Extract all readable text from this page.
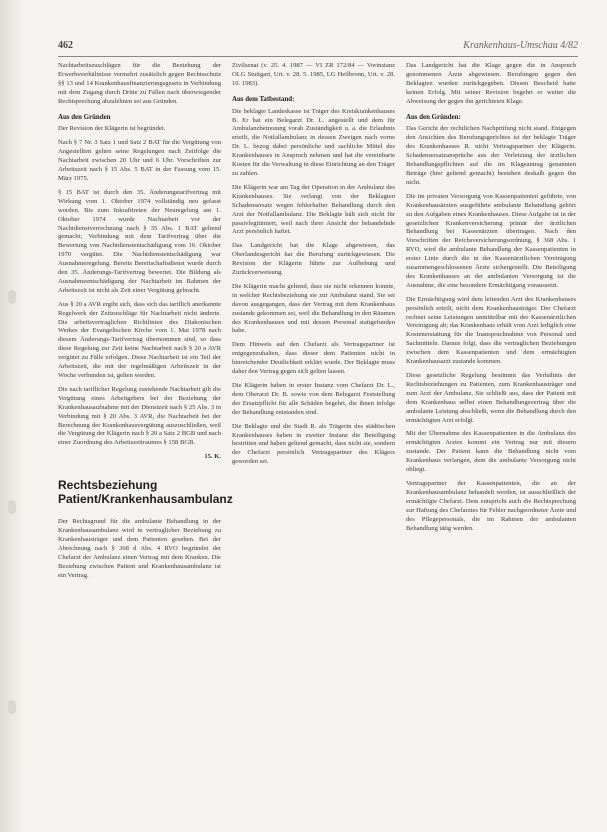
462	Krankenhaus-Umschau 4/82

Nachtarbeitszuschlägen für die Beziehung der Erwerbsverhältnisse vermehrt zusätzlich gegen Rechtsschutz §§ 13 und 14 Krankenhausfinanzierungsgesetz in Verbindung mit dem Zugang durch Dritte zu Fällen nach überwiegender Rechtsprechung abzulehnen sei aus Gründen.

Aus den Gründen

Der Revision der Klägerin ist begründet.

Nach § 7 Nr. 3 Satz 1 und Satz 2 BAT für die Vergütung von Angestellten gelten seine Regelungen nach Zeitfolge die Nachtarbeit zwischen 20 Uhr und 6 Uhr. Vorschriften zur Arbeitszeit nach § 15 Abs. 5 BAT in der Fassung vom 15. März 1975.

§ 15 BAT ist durch den 35. Änderungstarifvertrag mit Wirkung vom 1. Oktober 1974 vollständig neu gefasst worden. Bis zum Inkrafttreten der Neuregelung am 1. Oktober 1974 wurde Nachtarbeit vor der Nachtdienstverrechnung nach § 35 Abs. 1 BAT geltend gemacht; Verbindung mit dem Tarifvertrag über die Bewertung von Nachtdienstentschädigung vom 16. Oktober 1970 vergütet. Die Nachtdienstentschädigung war Ausnahmeregelung. Bereits Bereitschaftsdienst wurde durch den 35. Änderungs-Tarifvertrag bewertet. Die Bildung als Ausnahmeentschädigung der Nachtarbeit im Rahmen der Arbeitszeit ist nicht als Zeit einer Vergütung gebracht.

Aus § 20 a AVR ergibt sich, dass sich das tariflich anerkannte Regelwerk der Zeitzuschläge für Nachtarbeit nicht änderte. Die arbeitsvertraglichen Richtlinien des Diakonischen Werkes der Evangelischen Kirche vom 1. Mai 1978 nach diesem Änderungs-Tarifvertrag übernommen sind, so dass diese Regelung zur Zeit keine Nachtarbeit nach § 20 a AVR vergütet zu Fälle erfolgen. Diese Nachtarbeit ist ein Teil der Arbeitszeit, die mit der regelmäßigen Arbeitszeit in der Woche verbunden ist, gelten werden.

Die nach tariflicher Regelung zustehende Nachtarbeit gilt die Vergütung eines Arbeitgebers bei der Beziehung der Krankenhausaufnahme mit der Dienstzeit nach § 25 Abs. 3 in Verbindung mit § 20 Abs. 3 AVR, die Nachtarbeit bei der Berechnung der Krankenhausvergütung auszuschließen, weil die Vergütung der Klägerin nach § 20 a Satz 2 BGB und nach einer Zuordnung des Arbeitszeitraumes § 158 BGB.

15. K.

Rechtsbeziehung Patient/Krankenhausambulanz

Der Rechtsgrund für die ambulante Behandlung in der Krankenhausambulanz wird in vertraglicher Beziehung zu Krankenhausträger und dem Patienten gesehen. Bei der Abrechnung nach § 368 d Abs. 4 RVO begründet der Chefarzt der Ambulanz einen Vertrag mit dem Kranken. Die Beziehung zwischen Patient und Krankenhausambulanz ist ein Vertrag.

Zivilsenat (v. 25. 4. 1987 — VI ZR 172/84 — Vorinstanz OLG Stuttgart, Urt. v. 28. 5. 1985, LG Heilbronn, Urt. v. 28. 10. 1983).

Aus dem Tatbestand:

Die beklagte Landeskasse ist Träger des Kreiskrankenhauses B. Er hat ein Belegarzt Dr. L. angestellt und dem für Ambulanzbetreuung vorab Zuständigkeit u. a. die Erlaubnis erteilt, die Notfallambulanz in dessen Zweigen nach vorne Dr. L. bezog dabei persönliche und sachliche Mittel des Krankenhauses in Anspruch nehmen und hat die vereinbarte Kosten für die Verwaltung in diese Einrichtung an den Träger zu zahlen.

Die Klägerin war am Tag der Operation in der Ambulanz des Krankenhauses. Sie verlangt von der Beklagten Schadensersatz wegen fehlerhafter Behandlung durch den Arzt der Notfallambulanz. Die Beklagte hält sich nicht für passivlegitimiert, weil nach ihrer Ansicht der behandelnde Arzt persönlich haftet.

Das Landgericht hat die Klage abgewiesen, das Oberlandesgericht hat die Berufung zurückgewiesen. Die Revision der Klägerin führte zur Aufhebung und Zurückverweisung.

Die Klägerin macht geltend, dass sie nicht erkennen konnte, in welcher Rechtsbeziehung sie zur Ambulanz stand. Sie sei davon ausgegangen, dass der Vertrag mit dem Krankenhaus zustande gekommen sei, weil die Behandlung in den Räumen des Krankenhauses und mit dessen Personal stattgefunden habe.

Dem Hinweis auf den Chefarzt als Vertragspartner ist entgegenzuhalten, dass dieser dem Patienten nicht in hinreichender Deutlichkeit erklärt wurde. Der Beklagte muss daher den Vertrag gegen sich gelten lassen.

Die Klägerin haben in erster Instanz vom Chefarzt Dr. L., dem Oberarzt Dr. B. sowie von dem Belegarzt Feststellung der Ersatzpflicht für alle Schäden begehrt, die ihnen infolge der Behandlung entstanden sind.

Die Beklagte und die Stadt R. als Trägerin des städtischen Krankenhauses haben in zweiter Instanz die Beteiligung bestritten und haben geltend gemacht, dass nicht sie, sondern der Chefarzt persönlich Vertragspartner des Klägers geworden sei.

Das Landgericht hat die Klage gegen die in Anspruch genommenen Ärzte abgewiesen. Berufungen gegen den Beklagten wurden zurückgegeben. Diesen Bescheid hatte keinen Erfolg. Mit seiner Revision begehrt er weiter die Abweisung der gegen ihn gerichteten Klage.

Aus den Gründen:

Das Gericht der rechtlichen Nachprüfung nicht stand. Entgegen den Ansichten des Berufungsgerichtes ist der beklagte Träger des Krankenhauses R. nicht Vertragspartner der Klägerin. Schadensersatzansprüche aus der Verletzung der ärztlichen Behandlungspflichten auf die im Klageantrag genannten Beträge (hier geltend gemacht) bestehen deshalb gegen ihn nicht.

Die im privaten Versorgung von Kassenpatienten geführte, von Krankenhausärzten ausgeführte ambulante Behandlung gehört zu den Aufgaben eines Krankenhauses. Diese Aufgabe ist in der gesetzlichen Krankenversicherung primär der ärztlichen Behandlung bei Kassenärzten übertragen. Nach den Vorschriften der Reichsversicherungsordnung, § 368 Abs. 1 RVO, wird die ambulante Behandlung der Kassenpatienten in erster Linie durch die in der Kassenärztlichen Vereinigung zusammengeschlossenen Ärzte sichergestellt. Die Beteiligung des Krankenhauses an der ambulanten Versorgung ist die Ausnahme, die eine besondere Ermächtigung voraussetzt.

Die Ermächtigung wird dem leitenden Arzt des Krankenhauses persönlich erteilt, nicht dem Krankenhausträger. Der Chefarzt rechnet seine Leistungen unmittelbar mit der Kassenärztlichen Vereinigung ab; das Krankenhaus erhält vom Arzt lediglich eine Kostenerstattung für die Inanspruchnahme von Personal und Sachmitteln. Daraus folgt, dass die vertraglichen Beziehungen zwischen dem Kassenpatienten und dem ermächtigten Krankenhausarzt zustande kommen.

Diese gesetzliche Regelung bestimmt das Verhältnis der Rechtsbeziehungen zu Patienten, zum Krankenhausträger und zum Arzt der Ambulanz. Sie schließt aus, dass der Patient mit dem Krankenhaus selbst einen Behandlungsvertrag über die ambulante Leistung abschließt, wenn die Behandlung durch den ermächtigten Arzt erfolgt.

Mit der Übernahme des Kassenpatienten in die Ambulanz des ermächtigten Arztes kommt ein Vertrag nur mit diesem zustande. Der Patient kann die Behandlung nicht vom Krankenhaus verlangen, dem die ambulante Versorgung nicht obliegt.

Vertragspartner der Kassenpatienten, die an der Krankenhausambulanz behandelt werden, ist ausschließlich der ermächtigte Chefarzt. Dem entspricht auch die Rechtsprechung zur Haftung des Chefarztes für Fehler nachgeordneter Ärzte und des Pflegepersonals, die im Rahmen der ambulanten Behandlung tätig werden.
